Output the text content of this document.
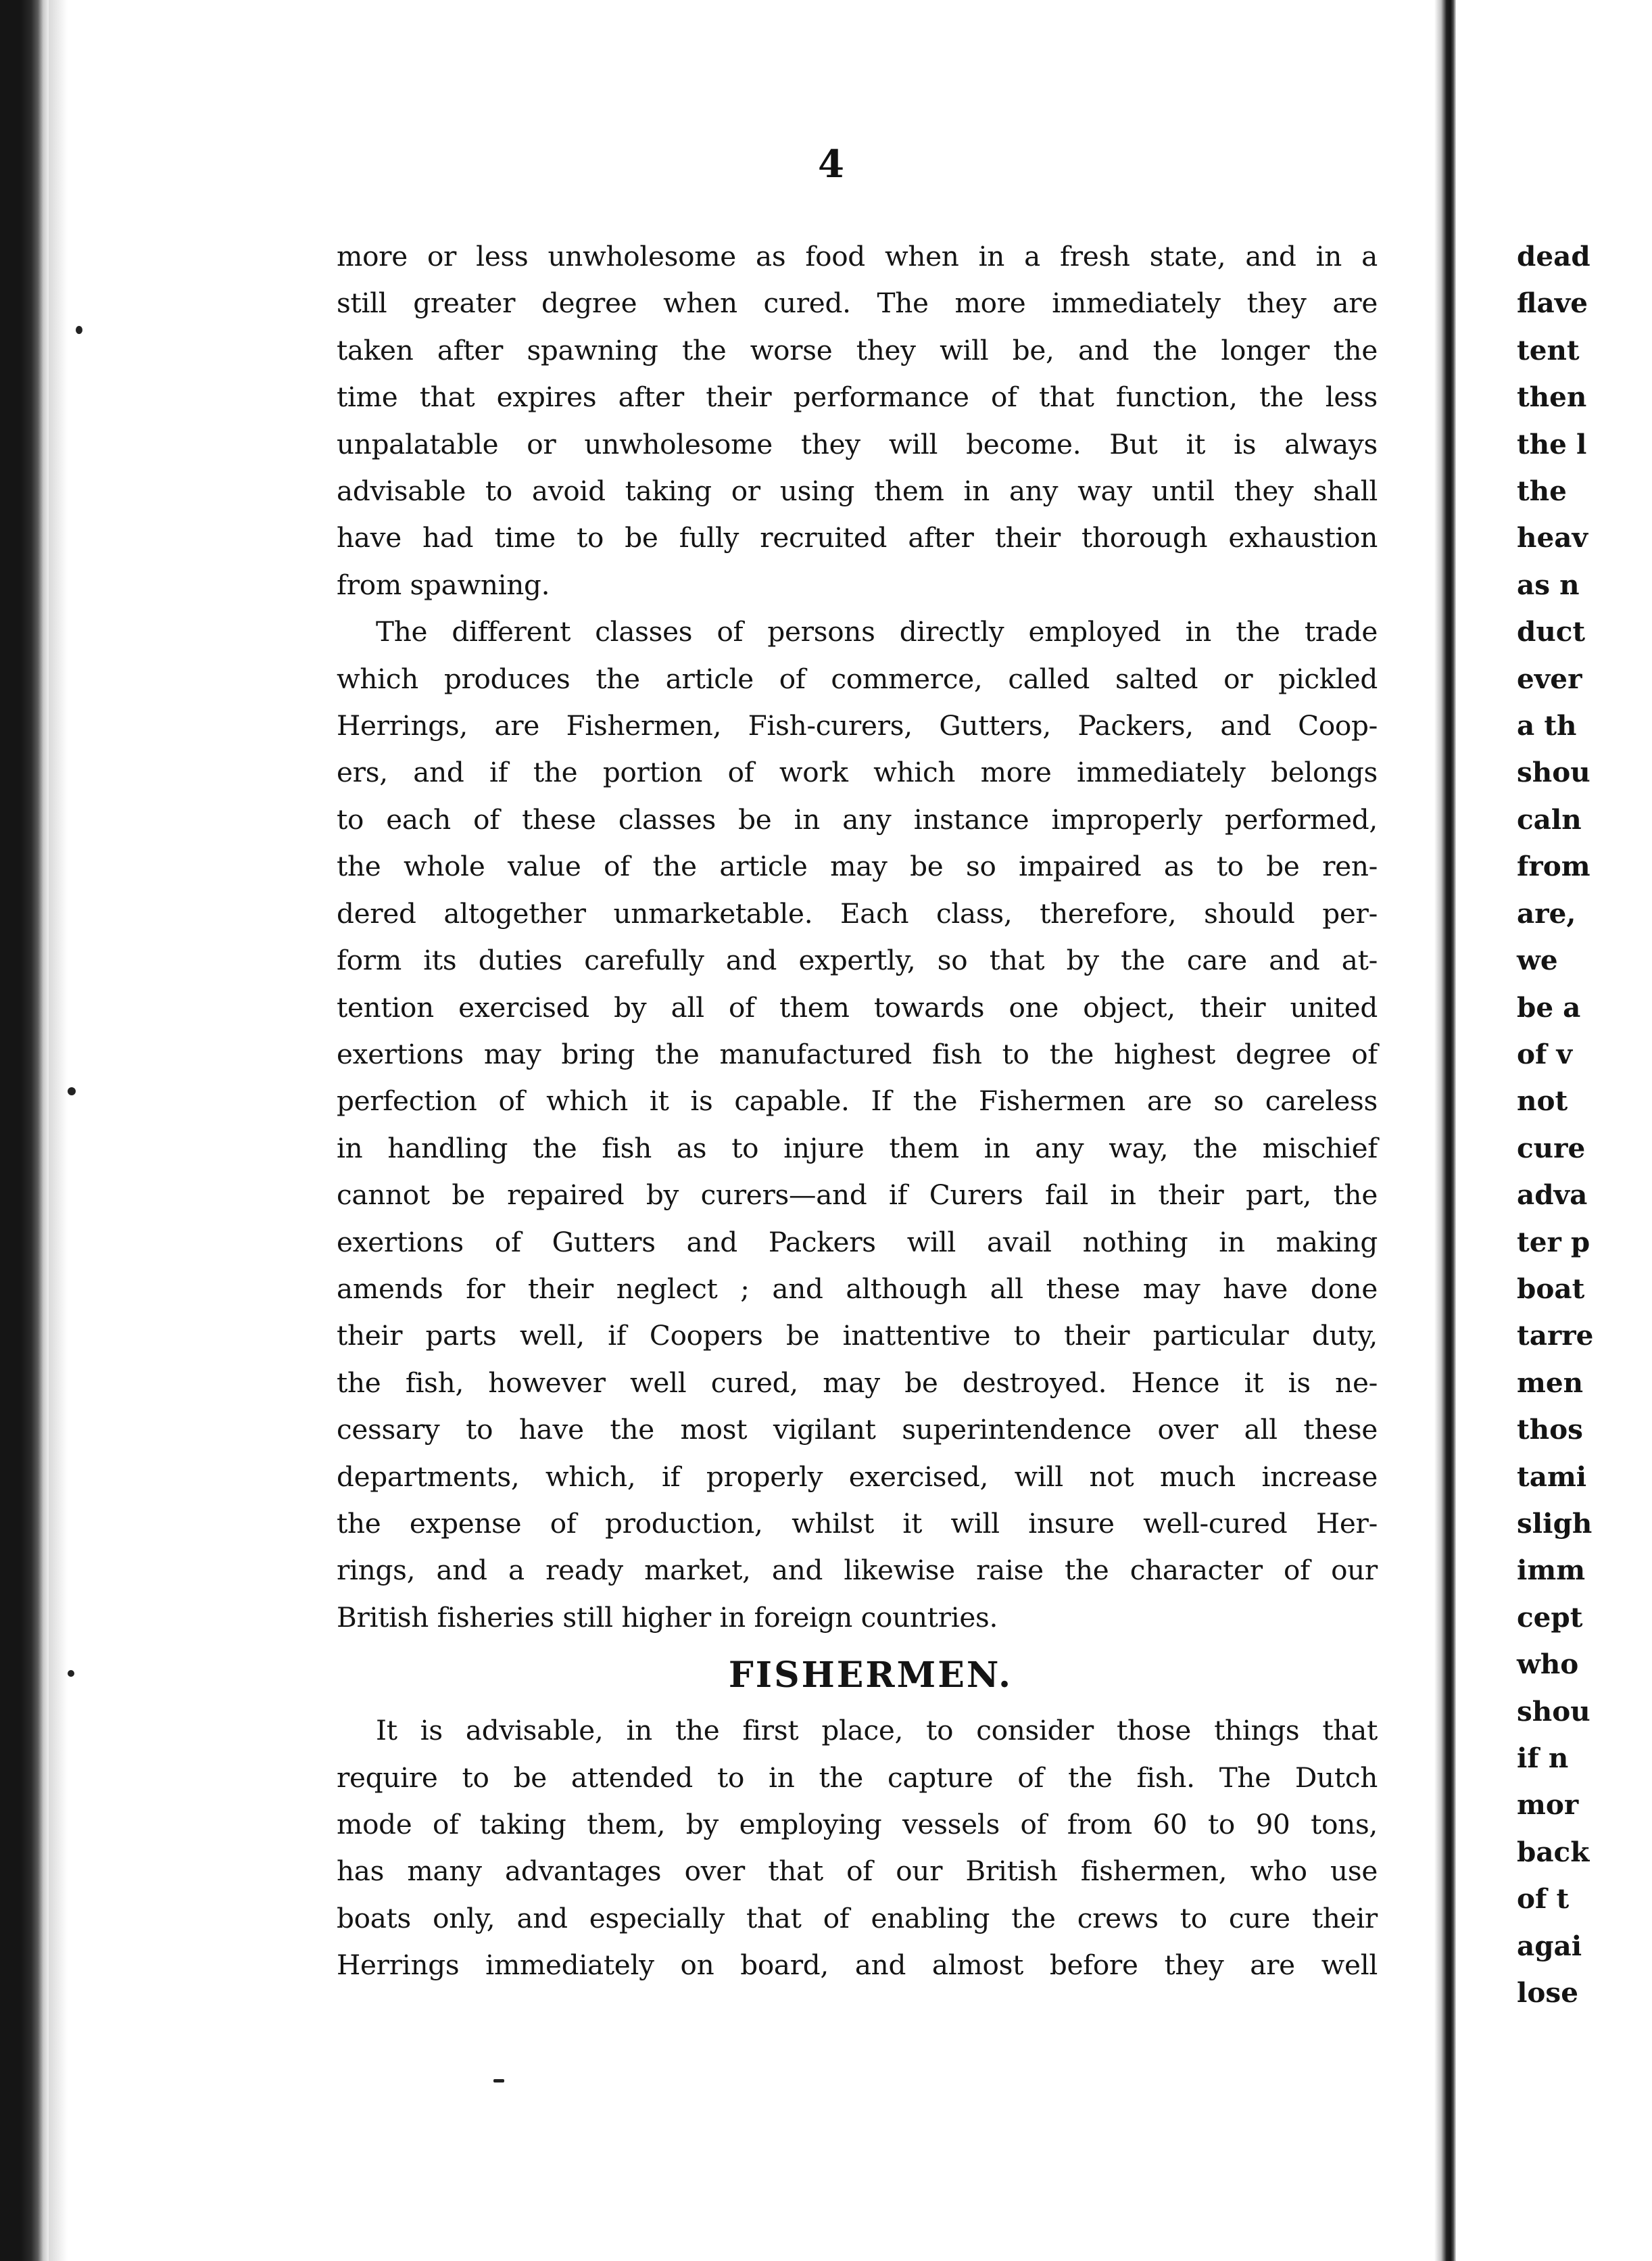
4
more or less unwholesome as food when in a fresh state, and in a
still greater degree when cured. The more immediately they are
taken after spawning the worse they will be, and the longer the
time that expires after their performance of that function, the less
unpalatable or unwholesome they will become. But it is always
advisable to avoid taking or using them in any way until they shall
have had time to be fully recruited after their thorough exhaustion
from spawning.
The different classes of persons directly employed in the trade
which produces the article of commerce, called salted or pickled
Herrings, are Fishermen, Fish-curers, Gutters, Packers, and Coop-
ers, and if the portion of work which more immediately belongs
to each of these classes be in any instance improperly performed,
the whole value of the article may be so impaired as to be ren-
dered altogether unmarketable. Each class, therefore, should per-
form its duties carefully and expertly, so that by the care and at-
tention exercised by all of them towards one object, their united
exertions may bring the manufactured fish to the highest degree of
perfection of which it is capable. If the Fishermen are so careless
in handling the fish as to injure them in any way, the mischief
cannot be repaired by curers—and if Curers fail in their part, the
exertions of Gutters and Packers will avail nothing in making
amends for their neglect ; and although all these may have done
their parts well, if Coopers be inattentive to their particular duty,
the fish, however well cured, may be destroyed. Hence it is ne-
cessary to have the most vigilant superintendence over all these
departments, which, if properly exercised, will not much increase
the expense of production, whilst it will insure well-cured Her-
rings, and a ready market, and likewise raise the character of our
British fisheries still higher in foreign countries.
FISHERMEN.
It is advisable, in the first place, to consider those things that
require to be attended to in the capture of the fish. The Dutch
mode of taking them, by employing vessels of from 60 to 90 tons,
has many advantages over that of our British fishermen, who use
boats only, and especially that of enabling the crews to cure their
Herrings immediately on board, and almost before they are well
dead
flave
tent
then
the l
the
heav
as n
duct
ever
a th
shou
caln
from
are,
we
be a
of v
not
cure
adva
ter p
boat
tarre
men
thos
tami
sligh
imm
cept
who
shou
if n
mor
back
of t
agai
lose
